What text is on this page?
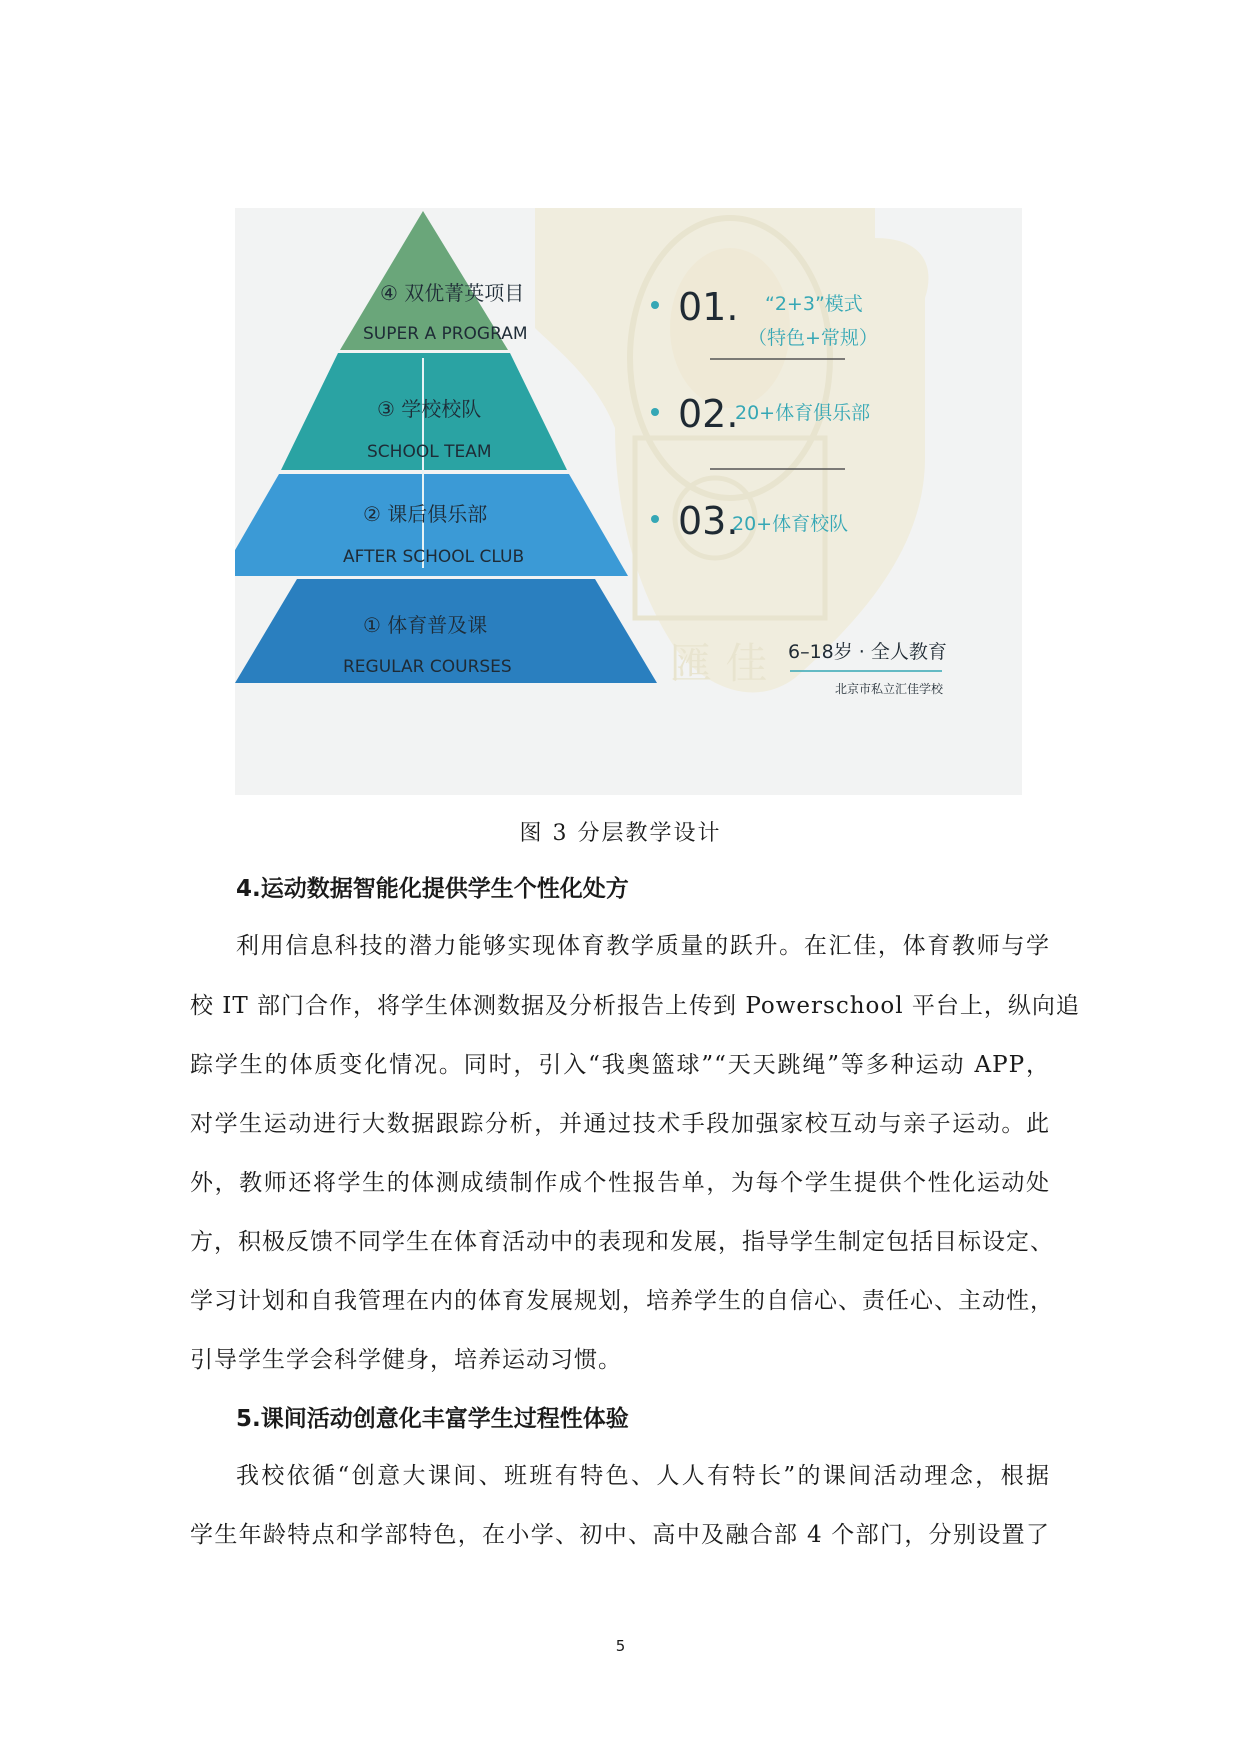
匯 佳
④ 双优菁英项目
SUPER A PROGRAM
③ 学校校队
SCHOOL TEAM
② 课后俱乐部
AFTER SCHOOL CLUB
① 体育普及课
REGULAR COURSES
01. “2+3”模式
（特色+常规）
02.
20+体育俱乐部
03.
20+体育校队
6–18岁 · 全人教育
北京市私立汇佳学校
图 3 分层教学设计
4.运动数据智能化提供学生个性化处方
利用信息科技的潜力能够实现体育教学质量的跃升。在汇佳，体育教师与学
校 IT 部门合作，将学生体测数据及分析报告上传到 Powerschool 平台上，纵向追
踪学生的体质变化情况。同时，引入“我奥篮球”“天天跳绳”等多种运动 APP，
对学生运动进行大数据跟踪分析，并通过技术手段加强家校互动与亲子运动。此
外，教师还将学生的体测成绩制作成个性报告单，为每个学生提供个性化运动处
方，积极反馈不同学生在体育活动中的表现和发展，指导学生制定包括目标设定、
学习计划和自我管理在内的体育发展规划，培养学生的自信心、责任心、主动性，
引导学生学会科学健身，培养运动习惯。
5.课间活动创意化丰富学生过程性体验
我校依循“创意大课间、班班有特色、人人有特长”的课间活动理念，根据
学生年龄特点和学部特色，在小学、初中、高中及融合部 4 个部门，分别设置了
5
